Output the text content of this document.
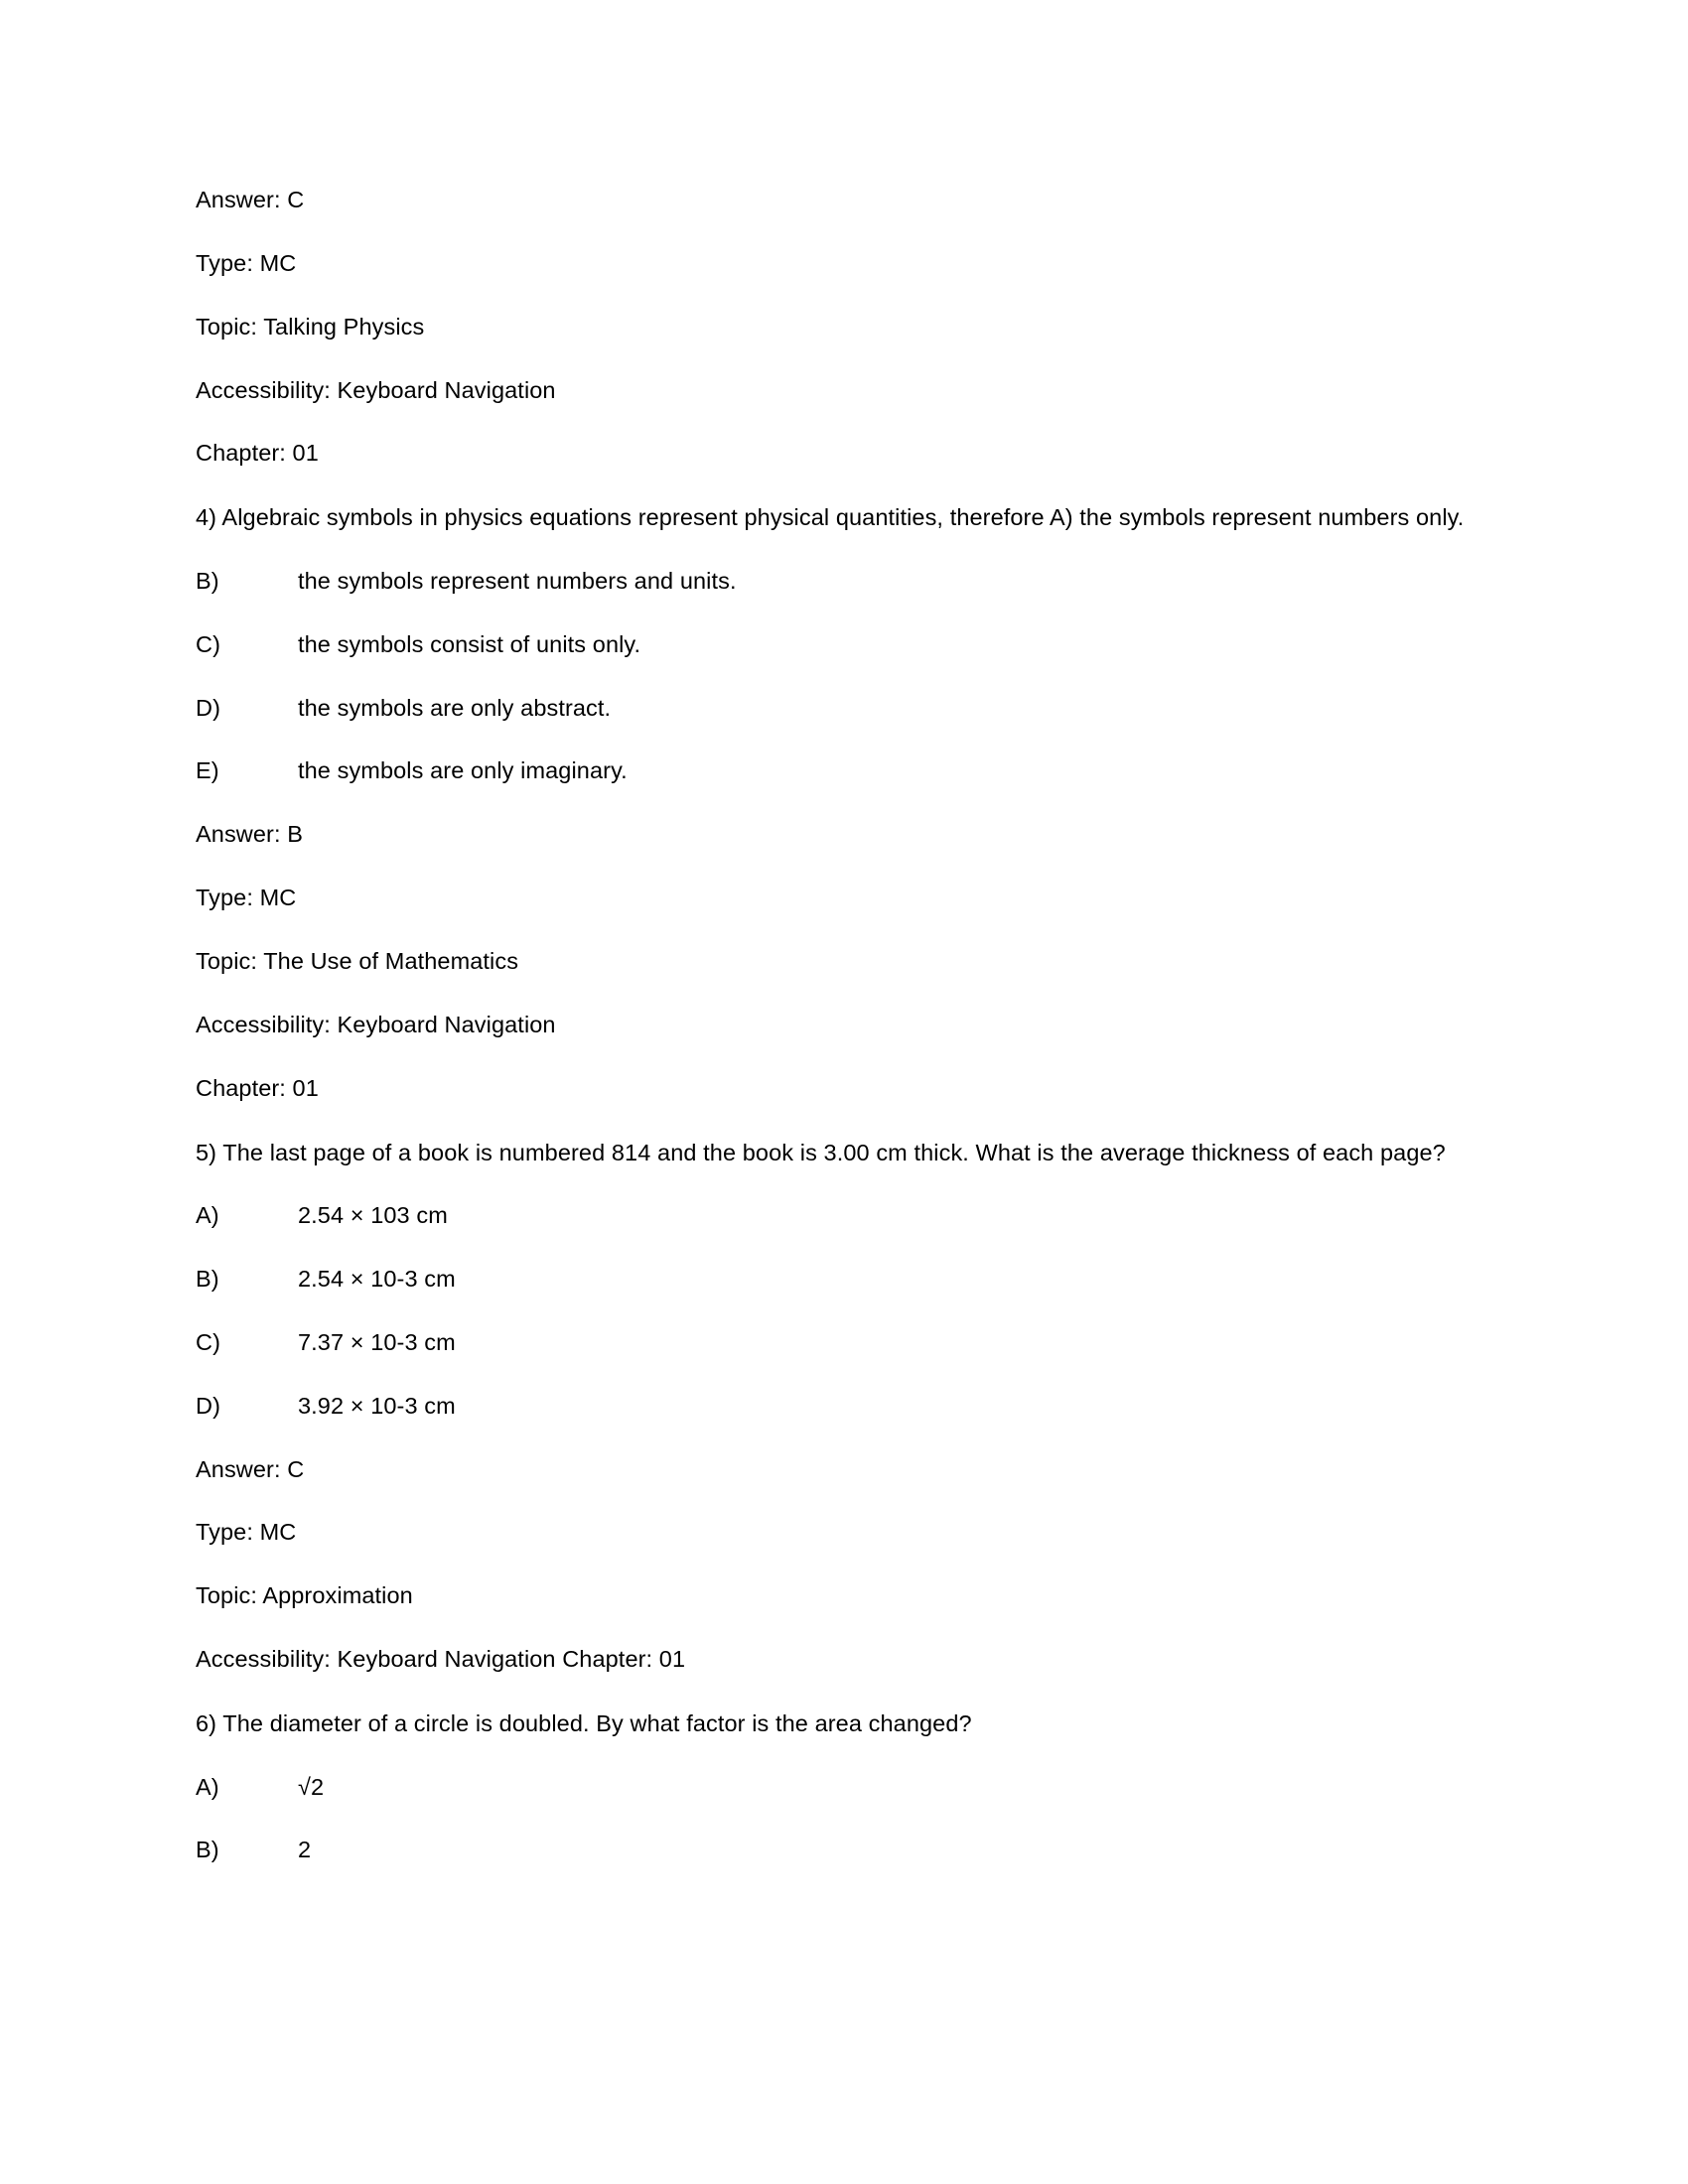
Answer: C
Type: MC
Topic: Talking Physics
Accessibility: Keyboard Navigation
Chapter: 01
4) Algebraic symbols in physics equations represent physical quantities, therefore A) the symbols represent numbers only.
B)	the symbols represent numbers and units.
C)	the symbols consist of units only.
D)	the symbols are only abstract.
E)	the symbols are only imaginary.
Answer: B
Type: MC
Topic: The Use of Mathematics
Accessibility: Keyboard Navigation
Chapter: 01
5) The last page of a book is numbered 814 and the book is 3.00 cm thick. What is the average thickness of each page?
A)	2.54 × 103 cm
B)	2.54 × 10-3 cm
C)	7.37 × 10-3 cm
D)	3.92 × 10-3 cm
Answer: C
Type: MC
Topic: Approximation
Accessibility: Keyboard Navigation Chapter: 01
6) The diameter of a circle is doubled. By what factor is the area changed?
A)	√2
B)	2
